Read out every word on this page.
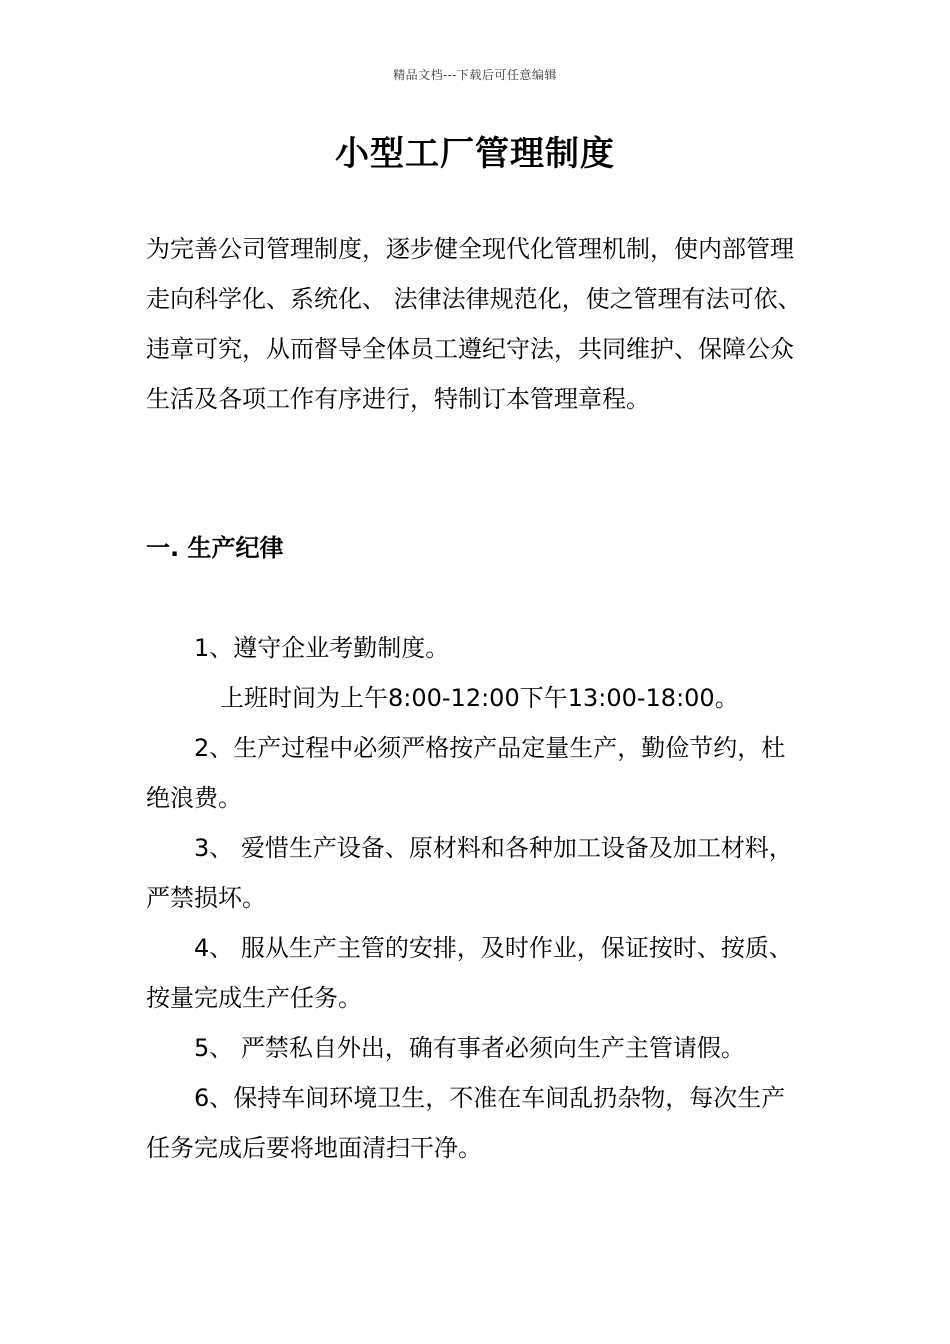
精品文档---下载后可任意编辑
小型工厂管理制度

为完善公司管理制度，逐步健全现代化管理机制，使内部管理走向科学化、系统化、 法律法律规范化，使之管理有法可依、违章可究，从而督导全体员工遵纪守法，共同维护、保障公众生活及各项工作有序进行，特制订本管理章程。

一. 生产纪律

1、遵守企业考勤制度。

上班时间为上午8:00-12:00下午13:00-18:00。

2、生产过程中必须严格按产品定量生产，勤俭节约，杜绝浪费。

3、 爱惜生产设备、原材料和各种加工设备及加工材料，严禁损坏。

4、 服从生产主管的安排，及时作业，保证按时、按质、按量完成生产任务。

5、 严禁私自外出，确有事者必须向生产主管请假。

6、保持车间环境卫生，不准在车间乱扔杂物，每次生产任务完成后要将地面清扫干净。
